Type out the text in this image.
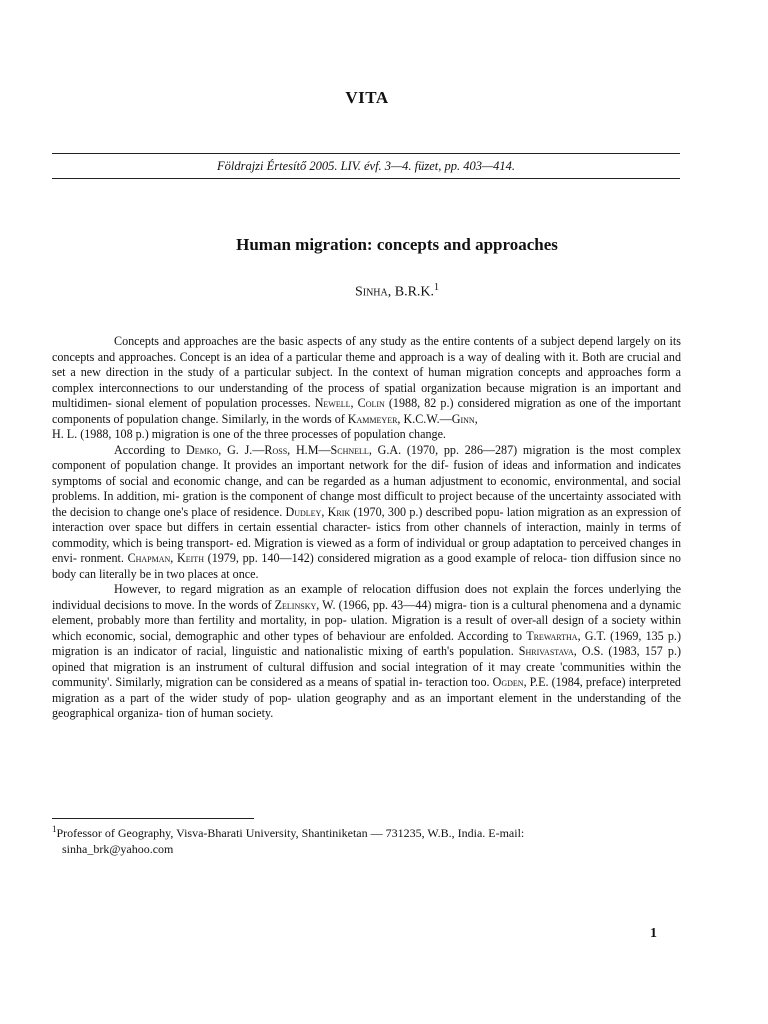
VITA
Földrajzi Értesítő 2005. LIV. évf. 3—4. füzet, pp. 403—414.
Human migration: concepts and approaches
Sinha, B.R.K.$^1$

Concepts and approaches are the basic aspects of any study as the entire contents of a subject depend largely on its concepts and approaches. Concept is an idea of a particular theme and approach is a way of dealing with it. Both are crucial and set a new direction in the study of a particular subject. In the context of human migration concepts and approaches form a complex interconnections to our understanding of the process of spatial organization because migration is an important and multidimen- sional element of population processes. Newell, Colin (1988, 82 p.) considered migration as one of the important components of population change. Similarly, in the words of Kammeyer, K.C.W.—Ginn,

H. L. (1988, 108 p.) migration is one of the three processes of population change.

According to Demko, G. J.—Ross, H.M—Schnell, G.A. (1970, pp. 286—287) migration is the most complex component of population change. It provides an important network for the dif- fusion of ideas and information and indicates symptoms of social and economic change, and can be regarded as a human adjustment to economic, environmental, and social problems. In addition, mi- gration is the component of change most difficult to project because of the uncertainty associated with the decision to change one's place of residence. Dudley, Krik (1970, 300 p.) described popu- lation migration as an expression of interaction over space but differs in certain essential character- istics from other channels of interaction, mainly in terms of commodity, which is being transport- ed. Migration is viewed as a form of individual or group adaptation to perceived changes in envi- ronment. Chapman, Keith (1979, pp. 140—142) considered migration as a good example of reloca- tion diffusion since no body can literally be in two places at once.

However, to regard migration as an example of relocation diffusion does not explain the forces underlying the individual decisions to move. In the words of Zelinsky, W. (1966, pp. 43—44) migra- tion is a cultural phenomena and a dynamic element, probably more than fertility and mortality, in pop- ulation. Migration is a result of over-all design of a society within which economic, social, demographic and other types of behaviour are enfolded. According to Trewartha, G.T. (1969, 135 p.) migration is an indicator of racial, linguistic and nationalistic mixing of earth's population. Shrivastava, O.S. (1983, 157 p.) opined that migration is an instrument of cultural diffusion and social integration of it may create 'communities within the community'. Similarly, migration can be considered as a means of spatial in- teraction too. Ogden, P.E. (1984, preface) interpreted migration as a part of the wider study of pop- ulation geography and as an important element in the understanding of the geographical organiza- tion of human society.

$^1$Professor of Geography, Visva-Bharati University, Shantiniketan — 731235, W.B., India. E-mail:
sinha_brk@yahoo.com
1
